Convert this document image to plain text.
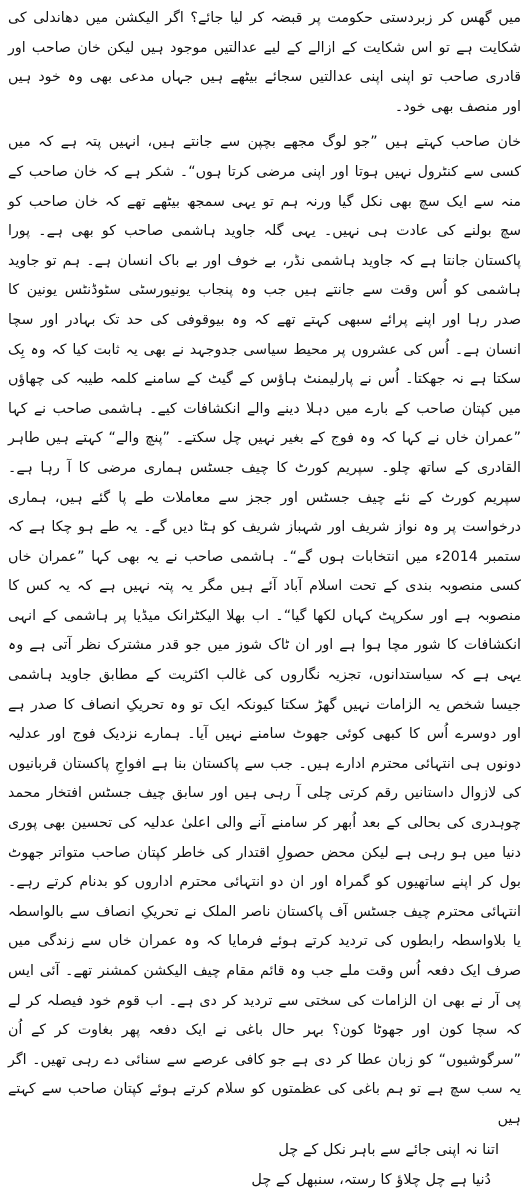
میں گھس کر زبردستی حکومت پر قبضہ کر لیا جائے؟ اگر الیکشن میں دھاندلی کی شکایت ہے تو اس شکایت کے ازالے کے لیے عدالتیں موجود ہیں لیکن خان صاحب اور قادری صاحب تو اپنی اپنی عدالتیں سجائے بیٹھے ہیں جہاں مدعی بھی وہ خود ہیں اور منصف بھی خود۔

خان صاحب کہتے ہیں ”جو لوگ مجھے بچپن سے جانتے ہیں، انہیں پتہ ہے کہ میں کسی سے کنٹرول نہیں ہوتا اور اپنی مرضی کرتا ہوں“۔ شکر ہے کہ خان صاحب کے منہ سے ایک سچ بھی نکل گیا ورنہ ہم تو یہی سمجھ بیٹھے تھے کہ خان صاحب کو سچ بولنے کی عادت ہی نہیں۔ یہی گلہ جاوید ہاشمی صاحب کو بھی ہے۔ پورا پاکستان جانتا ہے کہ جاوید ہاشمی نڈر، بے خوف اور بے باک انسان ہے۔ ہم تو جاوید ہاشمی کو اُس وقت سے جانتے ہیں جب وہ پنجاب یونیورسٹی سٹوڈنٹس یونین کا صدر رہا اور اپنے پرائے سبھی کہتے تھے کہ وہ بیوقوفی کی حد تک بہادر اور سچا انسان ہے۔ اُس کی عشروں پر محیط سیاسی جدوجہد نے بھی یہ ثابت کیا کہ وہ بِک سکتا ہے نہ جھکتا۔ اُس نے پارلیمنٹ ہاؤس کے گیٹ کے سامنے کلمہ طیبہ کی چھاؤں میں کپتان صاحب کے بارے میں دہلا دینے والے انکشافات کیے۔ ہاشمی صاحب نے کہا ”عمران خاں نے کہا کہ وہ فوج کے بغیر نہیں چل سکتے۔ ”پنچ والے“ کہتے ہیں طاہر القادری کے ساتھ چلو۔ سپریم کورٹ کا چیف جسٹس ہماری مرضی کا آ رہا ہے۔ سپریم کورٹ کے نئے چیف جسٹس اور ججز سے معاملات طے پا گئے ہیں، ہماری درخواست پر وہ نواز شریف اور شہباز شریف کو ہٹا دیں گے۔ یہ طے ہو چکا ہے کہ ستمبر 2014ء میں انتخابات ہوں گے“۔ ہاشمی صاحب نے یہ بھی کہا ”عمران خاں کسی منصوبہ بندی کے تحت اسلام آباد آئے ہیں مگر یہ پتہ نہیں ہے کہ یہ کس کا منصوبہ ہے اور سکرپٹ کہاں لکھا گیا“۔ اب بھلا الیکٹرانک میڈیا پر ہاشمی کے انہی انکشافات کا شور مچا ہوا ہے اور ان ٹاک شوز میں جو قدر مشترک نظر آتی ہے وہ یہی ہے کہ سیاستدانوں، تجزیہ نگاروں کی غالب اکثریت کے مطابق جاوید ہاشمی جیسا شخص یہ الزامات نہیں گھڑ سکتا کیونکہ ایک تو وہ تحریکِ انصاف کا صدر ہے اور دوسرے اُس کا کبھی کوئی جھوٹ سامنے نہیں آیا۔ ہمارے نزدیک فوج اور عدلیہ دونوں ہی انتہائی محترم ادارے ہیں۔ جب سے پاکستان بنا ہے افواجِ پاکستان قربانیوں کی لازوال داستانیں رقم کرتی چلی آ رہی ہیں اور سابق چیف جسٹس افتخار محمد چوہدری کی بحالی کے بعد اُبھر کر سامنے آنے والی اعلیٰ عدلیہ کی تحسین بھی پوری دنیا میں ہو رہی ہے لیکن محض حصولِ اقتدار کی خاطر کپتان صاحب متواتر جھوٹ بول کر اپنے ساتھیوں کو گمراہ اور ان دو انتہائی محترم اداروں کو بدنام کرتے رہے۔ انتہائی محترم چیف جسٹس آف پاکستان ناصر الملک نے تحریکِ انصاف سے بالواسطہ یا بلاواسطہ رابطوں کی تردید کرتے ہوئے فرمایا کہ وہ عمران خاں سے زندگی میں صرف ایک دفعہ اُس وقت ملے جب وہ قائم مقام چیف الیکشن کمشنر تھے۔ آئی ایس پی آر نے بھی ان الزامات کی سختی سے تردید کر دی ہے۔ اب قوم خود فیصلہ کر لے کہ سچا کون اور جھوٹا کون؟ بہر حال باغی نے ایک دفعہ پھر بغاوت کر کے اُن ”سرگوشیوں“ کو زبان عطا کر دی ہے جو کافی عرصے سے سنائی دے رہی تھیں۔ اگر یہ سب سچ ہے تو ہم باغی کی عظمتوں کو سلام کرتے ہوئے کپتان صاحب سے کہتے ہیں

اتنا نہ اپنی جائے سے باہر نکل کے چل

دُنیا ہے چل چلاؤ کا رستہ، سنبھل کے چل
